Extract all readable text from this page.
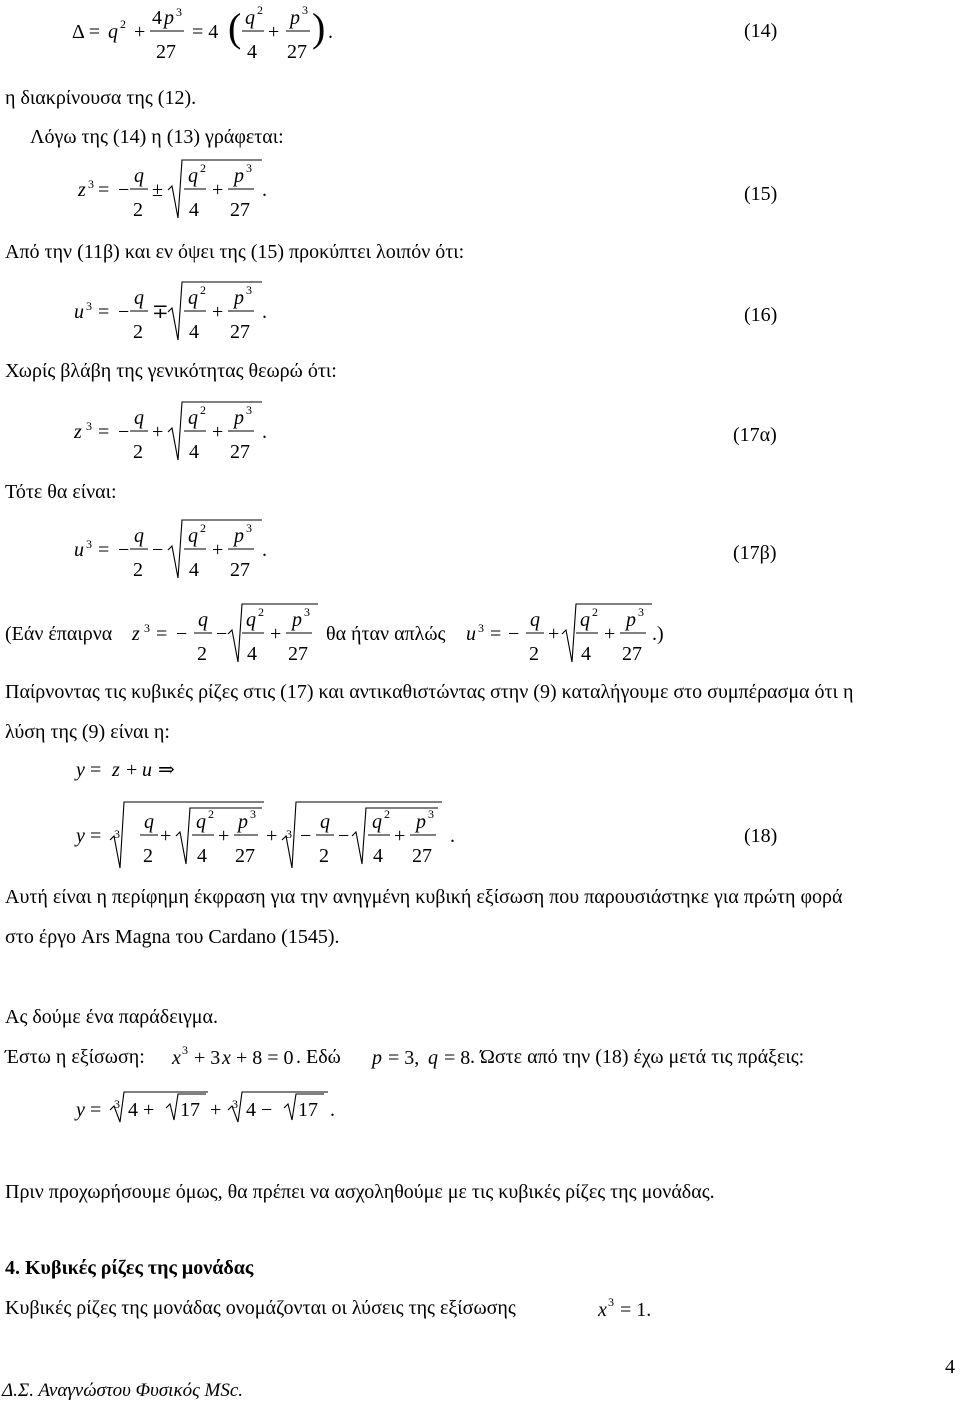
Δ = q 2 +
4 p 3
27
= 4 ( q 2
4
+
p 3
27
) .	(14)
η διακρίνουσα της (12).
Λόγω της (14) η (13) γράφεται:
z 3 = −
q
2
±
q 2
4
+
p 3
27
.	(15)
Από την (11β) και εν όψει της (15) προκύπτει λοιπόν ότι:
u 3 = −
q
2
∓
q 2
4
+
p 3
27
.	(16)
Χωρίς βλάβη της γενικότητας θεωρώ ότι:
z 3 = −
q
2
+
q 2
4
+
p 3
27
.	(17α)
Τότε θα είναι:
u 3 = −
q
2
−
q 2
4
+
p 3
27
.	(17β)
(Εάν έπαιρνα z 3 = −
q
2
−
q 2
4
+
p 3
27
θα ήταν απλώς u 3 = −
q
2
+
q 2
4
+
p 3
27
.)
Παίρνοντας τις κυβικές ρίζες στις (17) και αντικαθιστώντας στην (9) καταλήγουμε στο συμπέρασμα ότι η
λύση της (9) είναι η:
y = z + u ⇒
y = 3
q
2
+
q 2
4
+
p 3
27
+ 3 −
q
2
−
q 2
4
+
p 3
27
.	(18)
Αυτή είναι η περίφημη έκφραση για την ανηγμένη κυβική εξίσωση που παρουσιάστηκε για πρώτη φορά
στο έργο Ars Magna του Cardano (1545).
Ας δούμε ένα παράδειγμα.
Έστω η εξίσωση: x 3 + 3 x + 8 = 0 . Εδώ p = 3, q = 8 . Ώστε από την (18) έχω μετά τις πράξεις:
y = 3 4 + 17 + 3 4 − 17 .
Πριν προχωρήσουμε όμως, θα πρέπει να ασχοληθούμε με τις κυβικές ρίζες της μονάδας.
4. Κυβικές ρίζες της μονάδας
Κυβικές ρίζες της μονάδας ονομάζονται οι λύσεις της εξίσωσης	x 3 = 1.
4
Δ.Σ. Αναγνώστου Φυσικός MSc.
